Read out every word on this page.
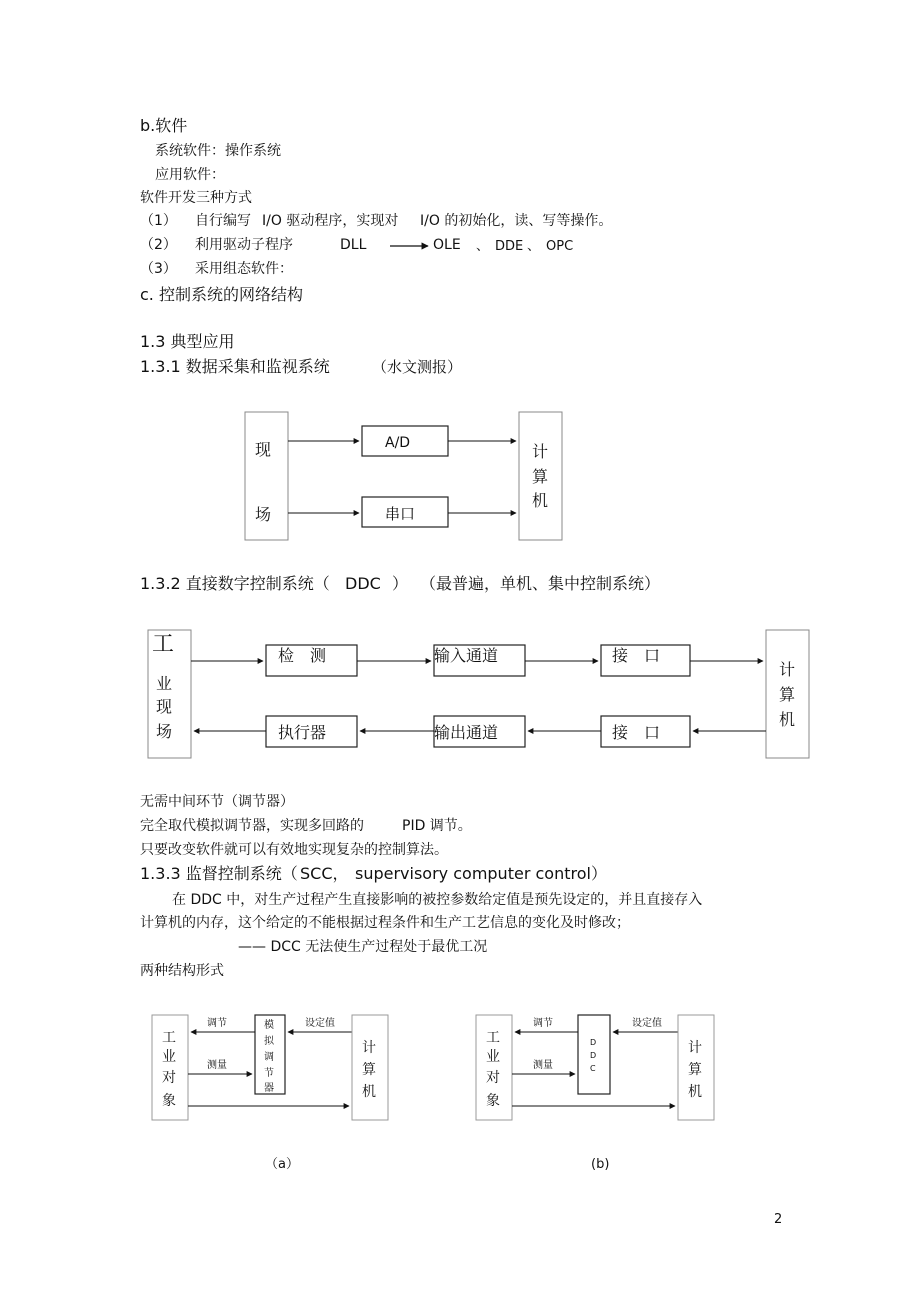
b.软件
系统软件：操作系统
应用软件：
软件开发三种方式
（1） 自行编写 I/O 驱动程序，实现对 I/O 的初始化，读、写等操作。
（2） 利用驱动子程序	DLL	OLE 、 DDE 、 OPC
（3） 采用组态软件：
c. 控制系统的网络结构
1.3 典型应用
1.3.1 数据采集和监视系统	（水文测报）
现
场
A/D
串口
计
算
机
工
业
现
场
检　测	输入通道	接　口
计
算
机
接　口
输出通道
执行器
工
业
对
象
模
拟
调
节
器
调节
测量
设定值
计
算
机
（a）
工
业
对
象
D
D
C
调节
测量
设定值
计
算
机
(b)
1.3.2 直接数字控制系统（ DDC ） （最普遍，单机、集中控制系统）
无需中间环节（调节器）
完全取代模拟调节器，实现多回路的	PID 调节。
只要改变软件就可以有效地实现复杂的控制算法。
1.3.3 监督控制系统（ SCC， supervisory computer control）
在 DDC 中，对生产过程产生直接影响的被控参数给定值是预先设定的，并且直接存入
计算机的内存，这个给定的不能根据过程条件和生产工艺信息的变化及时修改；
—— DCC 无法使生产过程处于最优工况
两种结构形式
2
